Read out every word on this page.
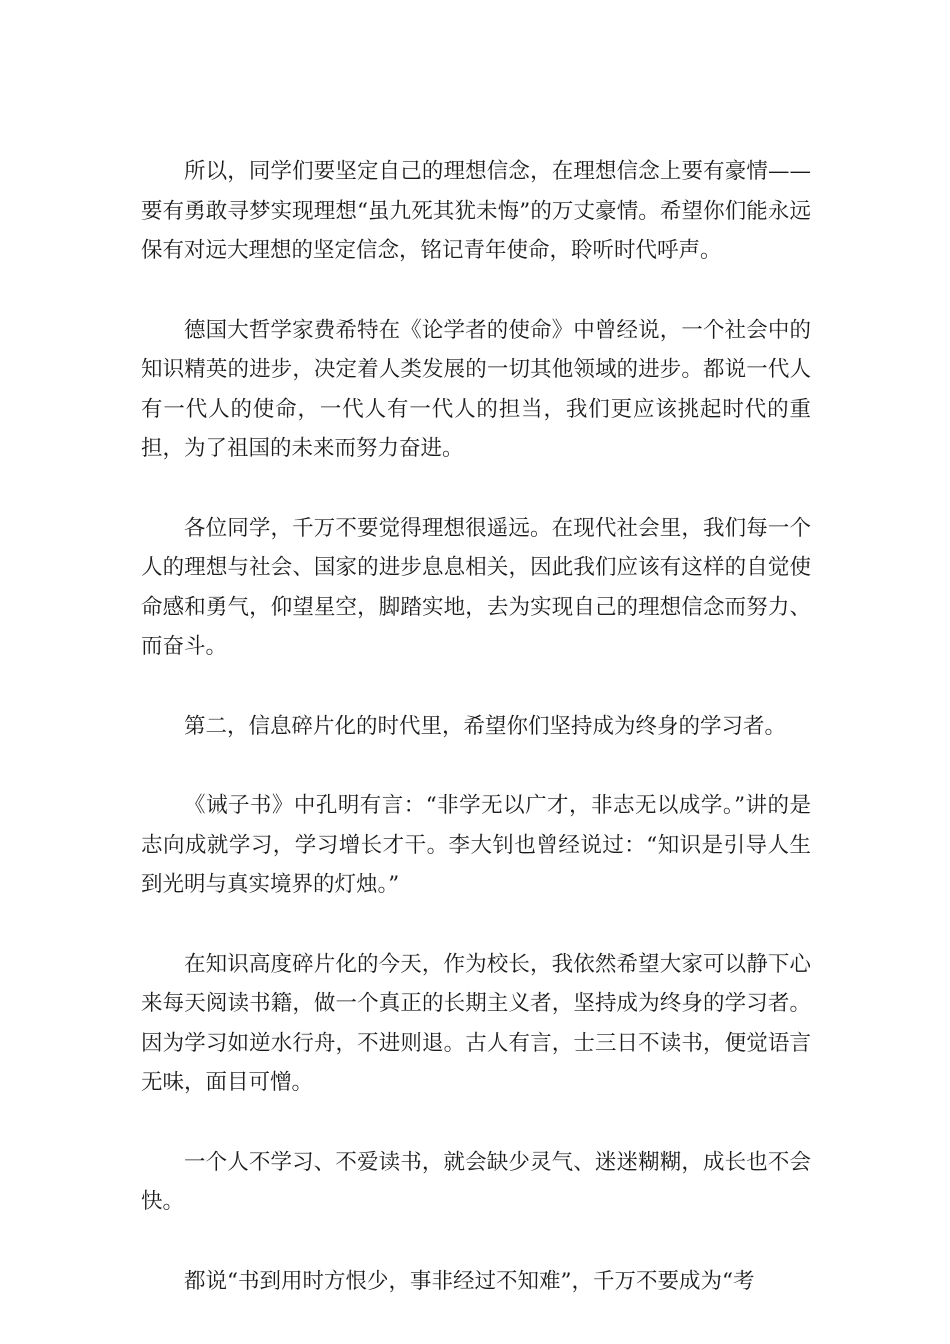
所以，同学们要坚定自己的理想信念，在理想信念上要有豪情——要有勇敢寻梦实现理想“虽九死其犹未悔”的万丈豪情。希望你们能永远保有对远大理想的坚定信念，铭记青年使命，聆听时代呼声。

德国大哲学家费希特在《论学者的使命》中曾经说，一个社会中的知识精英的进步，决定着人类发展的一切其他领域的进步。都说一代人有一代人的使命，一代人有一代人的担当，我们更应该挑起时代的重担，为了祖国的未来而努力奋进。

各位同学，千万不要觉得理想很遥远。在现代社会里，我们每一个人的理想与社会、国家的进步息息相关，因此我们应该有这样的自觉使命感和勇气，仰望星空，脚踏实地，去为实现自己的理想信念而努力、而奋斗。

第二，信息碎片化的时代里，希望你们坚持成为终身的学习者。

《诫子书》中孔明有言：“非学无以广才，非志无以成学。”讲的是志向成就学习，学习增长才干。李大钊也曾经说过：“知识是引导人生到光明与真实境界的灯烛。”

在知识高度碎片化的今天，作为校长，我依然希望大家可以静下心来每天阅读书籍，做一个真正的长期主义者，坚持成为终身的学习者。因为学习如逆水行舟，不进则退。古人有言，士三日不读书，便觉语言无味，面目可憎。

一个人不学习、不爱读书，就会缺少灵气、迷迷糊糊，成长也不会快。

都说“书到用时方恨少，事非经过不知难”，千万不要成为“考
